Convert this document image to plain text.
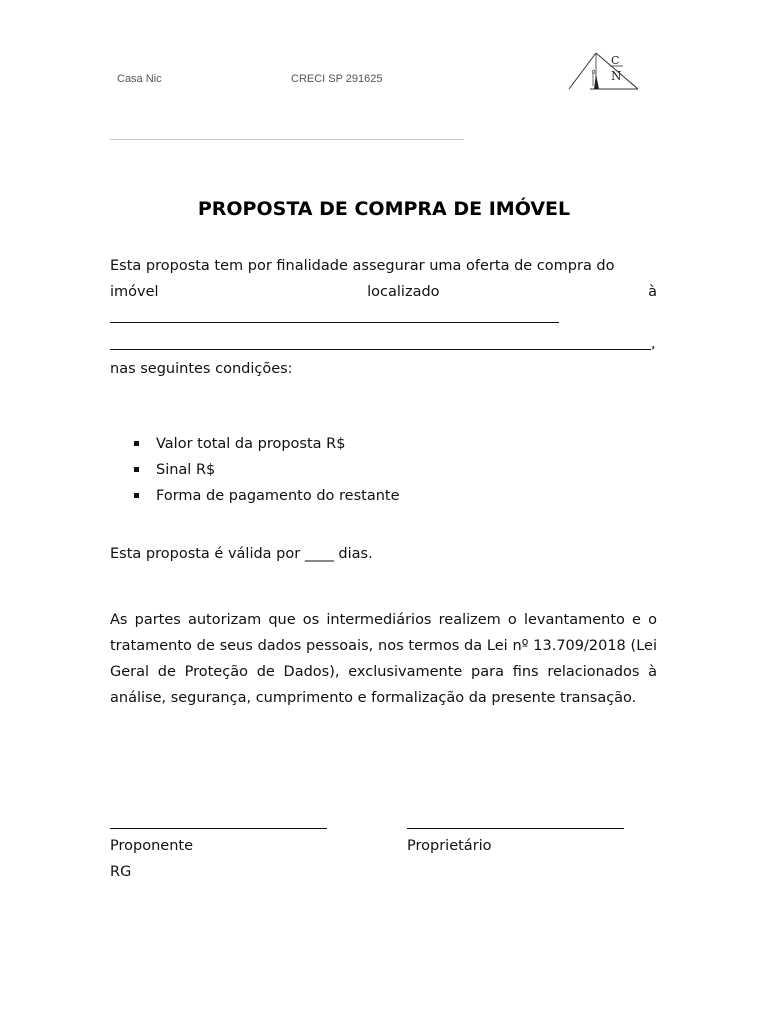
Casa Nic	CRECI SP 291625
C
N
PROPOSTA DE COMPRA DE IMÓVEL
Esta proposta tem por finalidade assegurar uma oferta de compra do
imóvel	localizado	à
,
nas seguintes condições:
Valor total da proposta R$
Sinal R$
Forma de pagamento do restante
Esta proposta é válida por ____ dias.
As partes autorizam que os intermediários realizem o levantamento e o tratamento de seus dados pessoais, nos termos da Lei nº 13.709/2018 (Lei Geral de Proteção de Dados), exclusivamente para fins relacionados à análise, segurança, cumprimento e formalização da presente transação.
Proponente
RG
Proprietário
